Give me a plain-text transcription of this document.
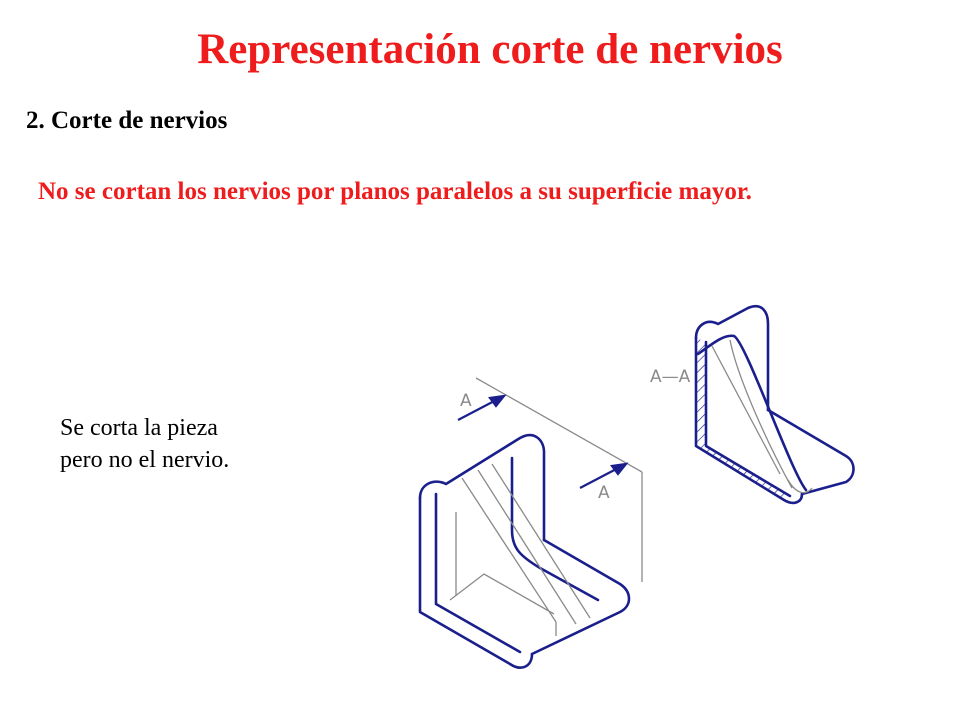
Representación corte de nervios
2. Corte de nervios

No se cortan los nervios por planos paralelos a su superficie mayor.

Se corta la pieza
pero no el nervio.

A
A
A—A
